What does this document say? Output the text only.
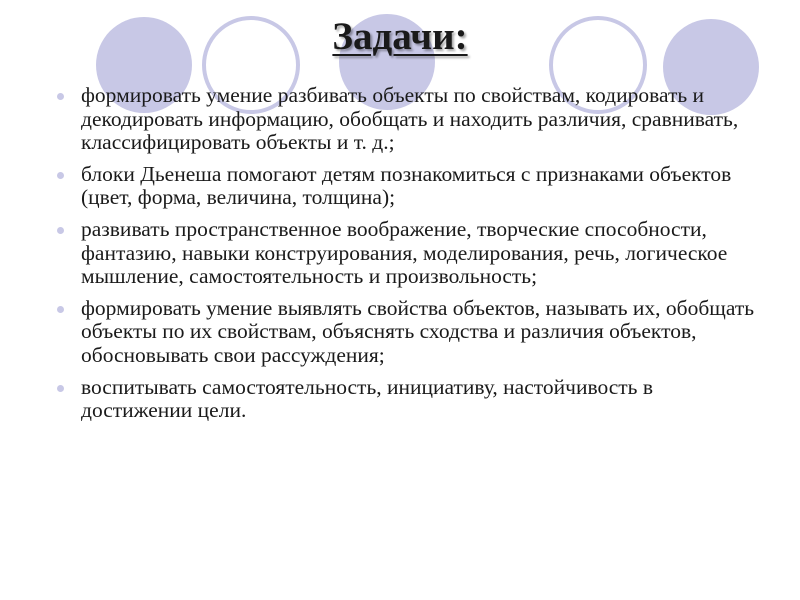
Задачи:
формировать умение разбивать объекты по свойствам, кодировать и декодировать информацию, обобщать и находить различия, сравнивать, классифицировать объекты и т. д.;
блоки Дьенеша помогают детям познакомиться с признаками объектов (цвет, форма, величина, толщина);
развивать пространственное воображение, творческие способности, фантазию, навыки конструирования, моделирования, речь, логическое мышление, самостоятельность и произвольность;
формировать умение выявлять свойства объектов, называть их, обобщать объекты по их свойствам, объяснять сходства и различия объектов, обосновывать свои рассуждения;
воспитывать самостоятельность, инициативу, настойчивость в достижении цели.
